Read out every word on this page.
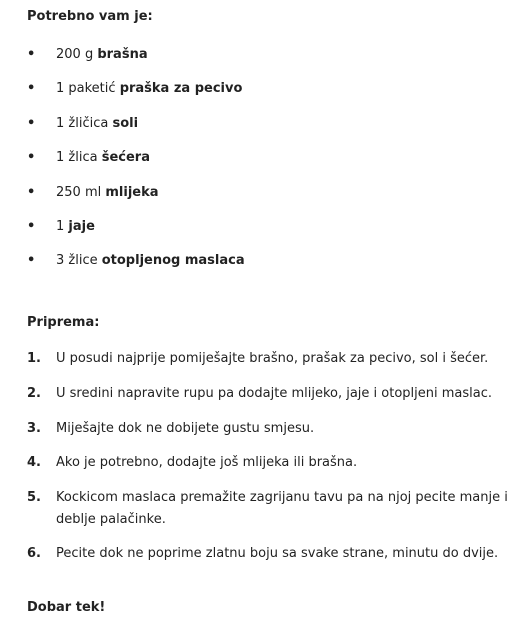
Potrebno vam je:

• 200 g brašna
• 1 paketić praška za pecivo
• 1 žličica soli
• 1 žlica šećera
• 250 ml mlijeka
• 1 jaje
• 3 žlice otopljenog maslaca

Priprema:

1. U posudi najprije pomiješajte brašno, prašak za pecivo, sol i šećer.
2. U sredini napravite rupu pa dodajte mlijeko, jaje i otopljeni maslac.
3. Miješajte dok ne dobijete gustu smjesu.
4. Ako je potrebno, dodajte još mlijeka ili brašna.
5. Kockicom maslaca premažite zagrijanu tavu pa na njoj pecite manje i deblje palačinke.
6. Pecite dok ne poprime zlatnu boju sa svake strane, minutu do dvije.

Dobar tek!
